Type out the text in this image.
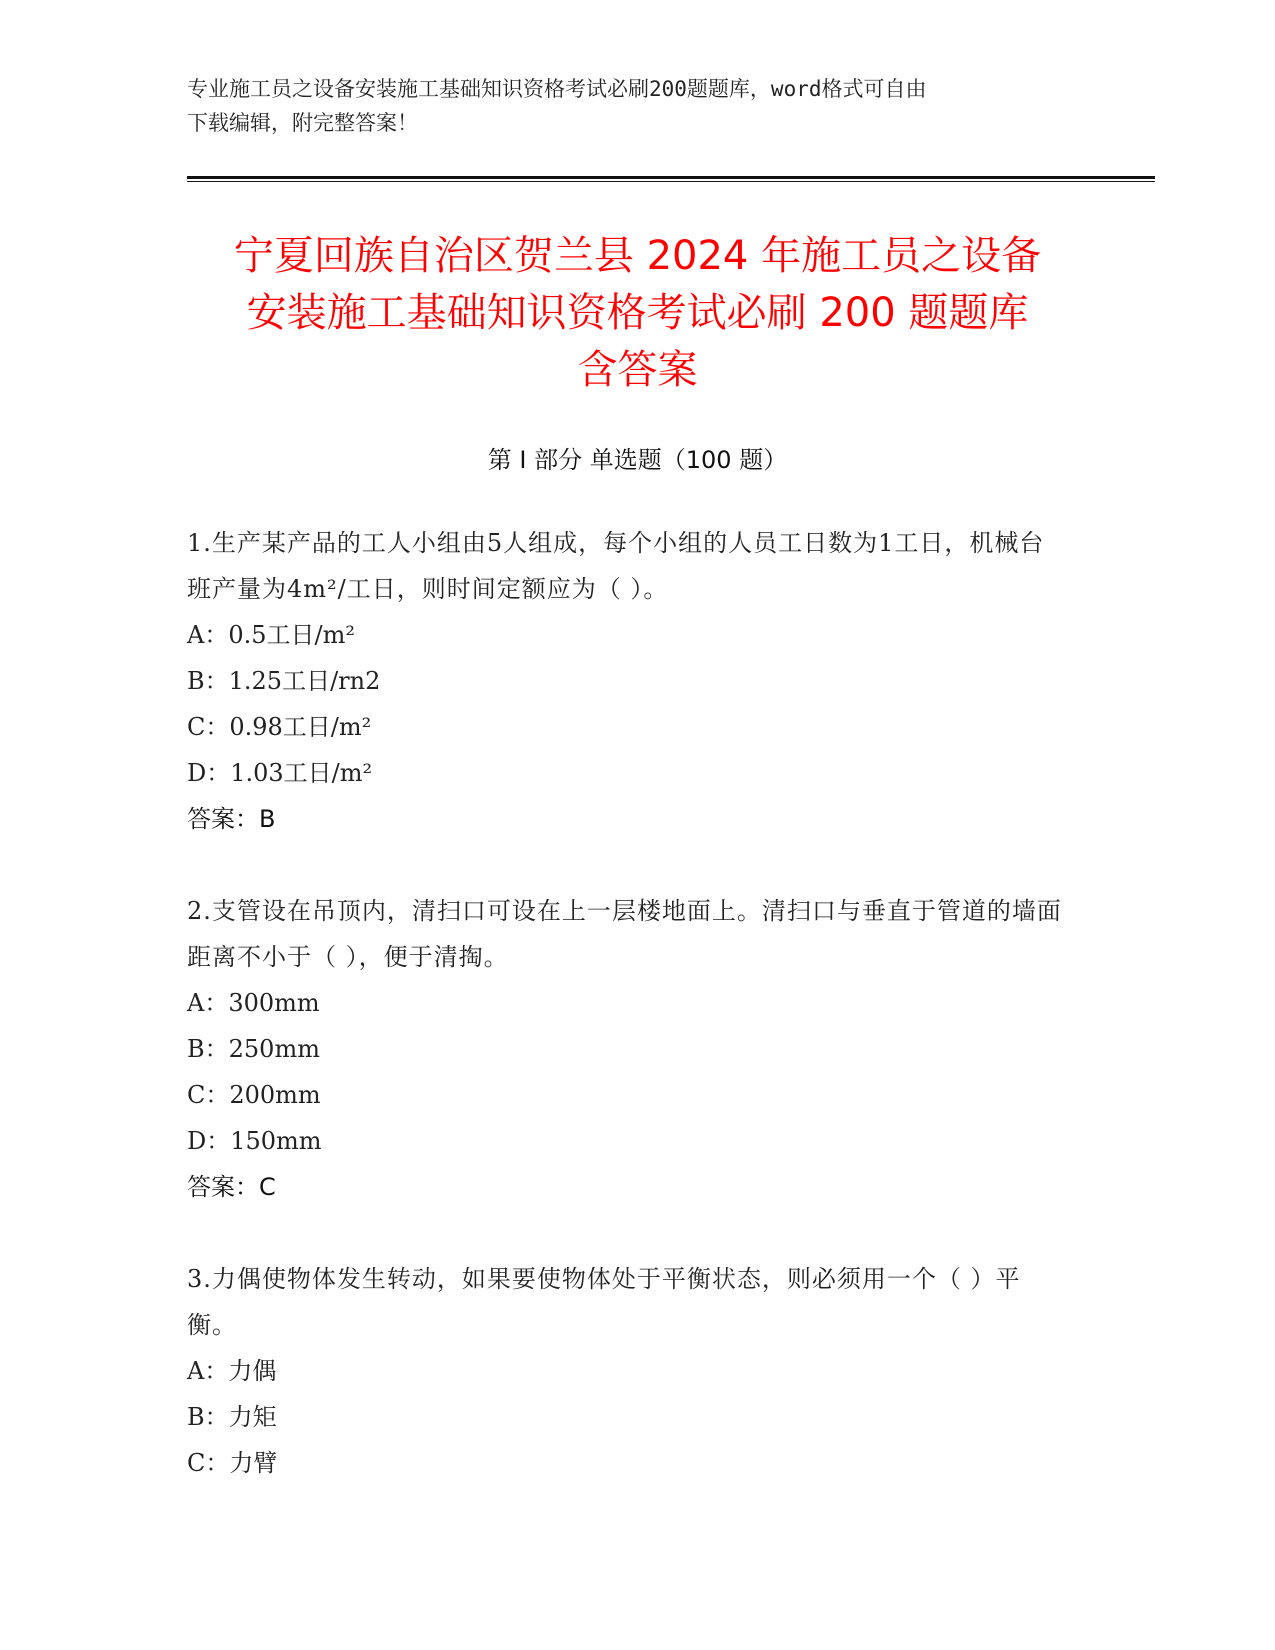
专业施工员之设备安装施工基础知识资格考试必刷200题题库，word格式可自由
下载编辑，附完整答案！
宁夏回族自治区贺兰县 2024 年施工员之设备
安装施工基础知识资格考试必刷 200 题题库
含答案
第 I 部分 单选题（100 题）
1.生产某产品的工人小组由5人组成，每个小组的人员工日数为1工日，机械台班产量为4m²/工日，则时间定额应为（ ）。
A：0.5工日/m²
B：1.25工日/rn2
C：0.98工日/m²
D：1.03工日/m²
答案：B
2.支管设在吊顶内，清扫口可设在上一层楼地面上。清扫口与垂直于管道的墙面距离不小于（ ），便于清掏。
A：300mm
B：250mm
C：200mm
D：150mm
答案：C
3.力偶使物体发生转动，如果要使物体处于平衡状态，则必须用一个（ ）平衡。
A：力偶
B：力矩
C：力臂
